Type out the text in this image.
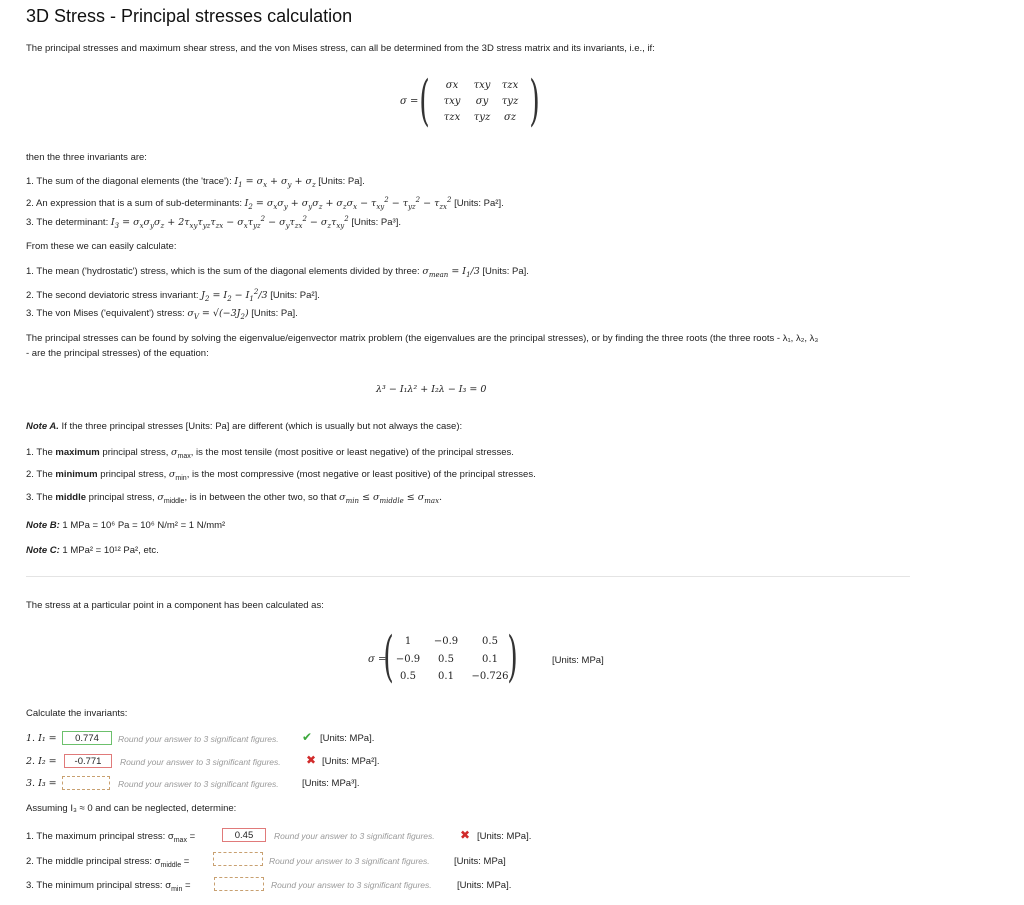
3D Stress - Principal stresses calculation
The principal stresses and maximum shear stress, and the von Mises stress, can all be determined from the 3D stress matrix and its invariants, i.e., if:
σ = (	σx	τxy	τzx
τxy	σy	τyz
τzx	τyz	σz )
then the three invariants are:
1. The sum of the diagonal elements (the 'trace'): $I_1 = \sigma_x + \sigma_y + \sigma_z$ [Units: Pa].
2. An expression that is a sum of sub-determinants: $I_2 = \sigma_x\sigma_y + \sigma_y\sigma_z + \sigma_z\sigma_x - \tau_{xy}^2 - \tau_{yz}^2 - \tau_{zx}^2$ [Units: Pa²].
3. The determinant: $I_3 = \sigma_x\sigma_y\sigma_z + 2\tau_{xy}\tau_{yz}\tau_{zx} - \sigma_x\tau_{yz}^2 - \sigma_y\tau_{zx}^2 - \sigma_z\tau_{xy}^2$ [Units: Pa³].
From these we can easily calculate:
1. The mean ('hydrostatic') stress, which is the sum of the diagonal elements divided by three: $\sigma_{mean} = I_1/3$ [Units: Pa].
2. The second deviatoric stress invariant: $J_2 = I_2 - I_1^2/3$ [Units: Pa²].
3. The von Mises ('equivalent') stress: $\sigma_V = √(-3J_2)$ [Units: Pa].
The principal stresses can be found by solving the eigenvalue/eigenvector matrix problem (the eigenvalues are the principal stresses), or by finding the three roots (the three roots - λ₁, λ₂, λ₃
- are the principal stresses) of the equation:
λ³ − I₁λ² + I₂λ − I₃ = 0
Note A. If the three principal stresses [Units: Pa] are different (which is usually but not always the case):
1. The maximum principal stress, $\sigma_{max}$, is the most tensile (most positive or least negative) of the principal stresses.
2. The minimum principal stress, $\sigma_{min}$, is the most compressive (most negative or least positive) of the principal stresses.
3. The middle principal stress, $\sigma_{middle}$, is in between the other two, so that $\sigma_{min} \le \sigma_{middle} \le \sigma_{max}$.
Note B: 1 MPa = 10⁶ Pa = 10⁶ N/m² = 1 N/mm²
Note C: 1 MPa² = 10¹² Pa², etc.
The stress at a particular point in a component has been calculated as:
σ =
(	1	−0.9	0.5
−0.9	0.5	0.1
0.5	0.1	−0.726
)	[Units: MPa]
Calculate the invariants:
1. I₁ =	0.774	Round your answer to 3 significant figures. ✔ [Units: MPa].
2. I₂ =	-0.771	Round your answer to 3 significant figures. ✖ [Units: MPa²].
3. I₃ =	Round your answer to 3 significant figures. [Units: MPa³].
Assuming I₃ ≈ 0 and can be neglected, determine:
1. The maximum principal stress: $\sigma_{max}$ =	0.45	Round your answer to 3 significant figures. ✖ [Units: MPa].
2. The middle principal stress: $\sigma_{middle}$ =	Round your answer to 3 significant figures.	[Units: MPa]
3. The minimum principal stress: $\sigma_{min}$ =	Round your answer to 3 significant figures.	[Units: MPa].
